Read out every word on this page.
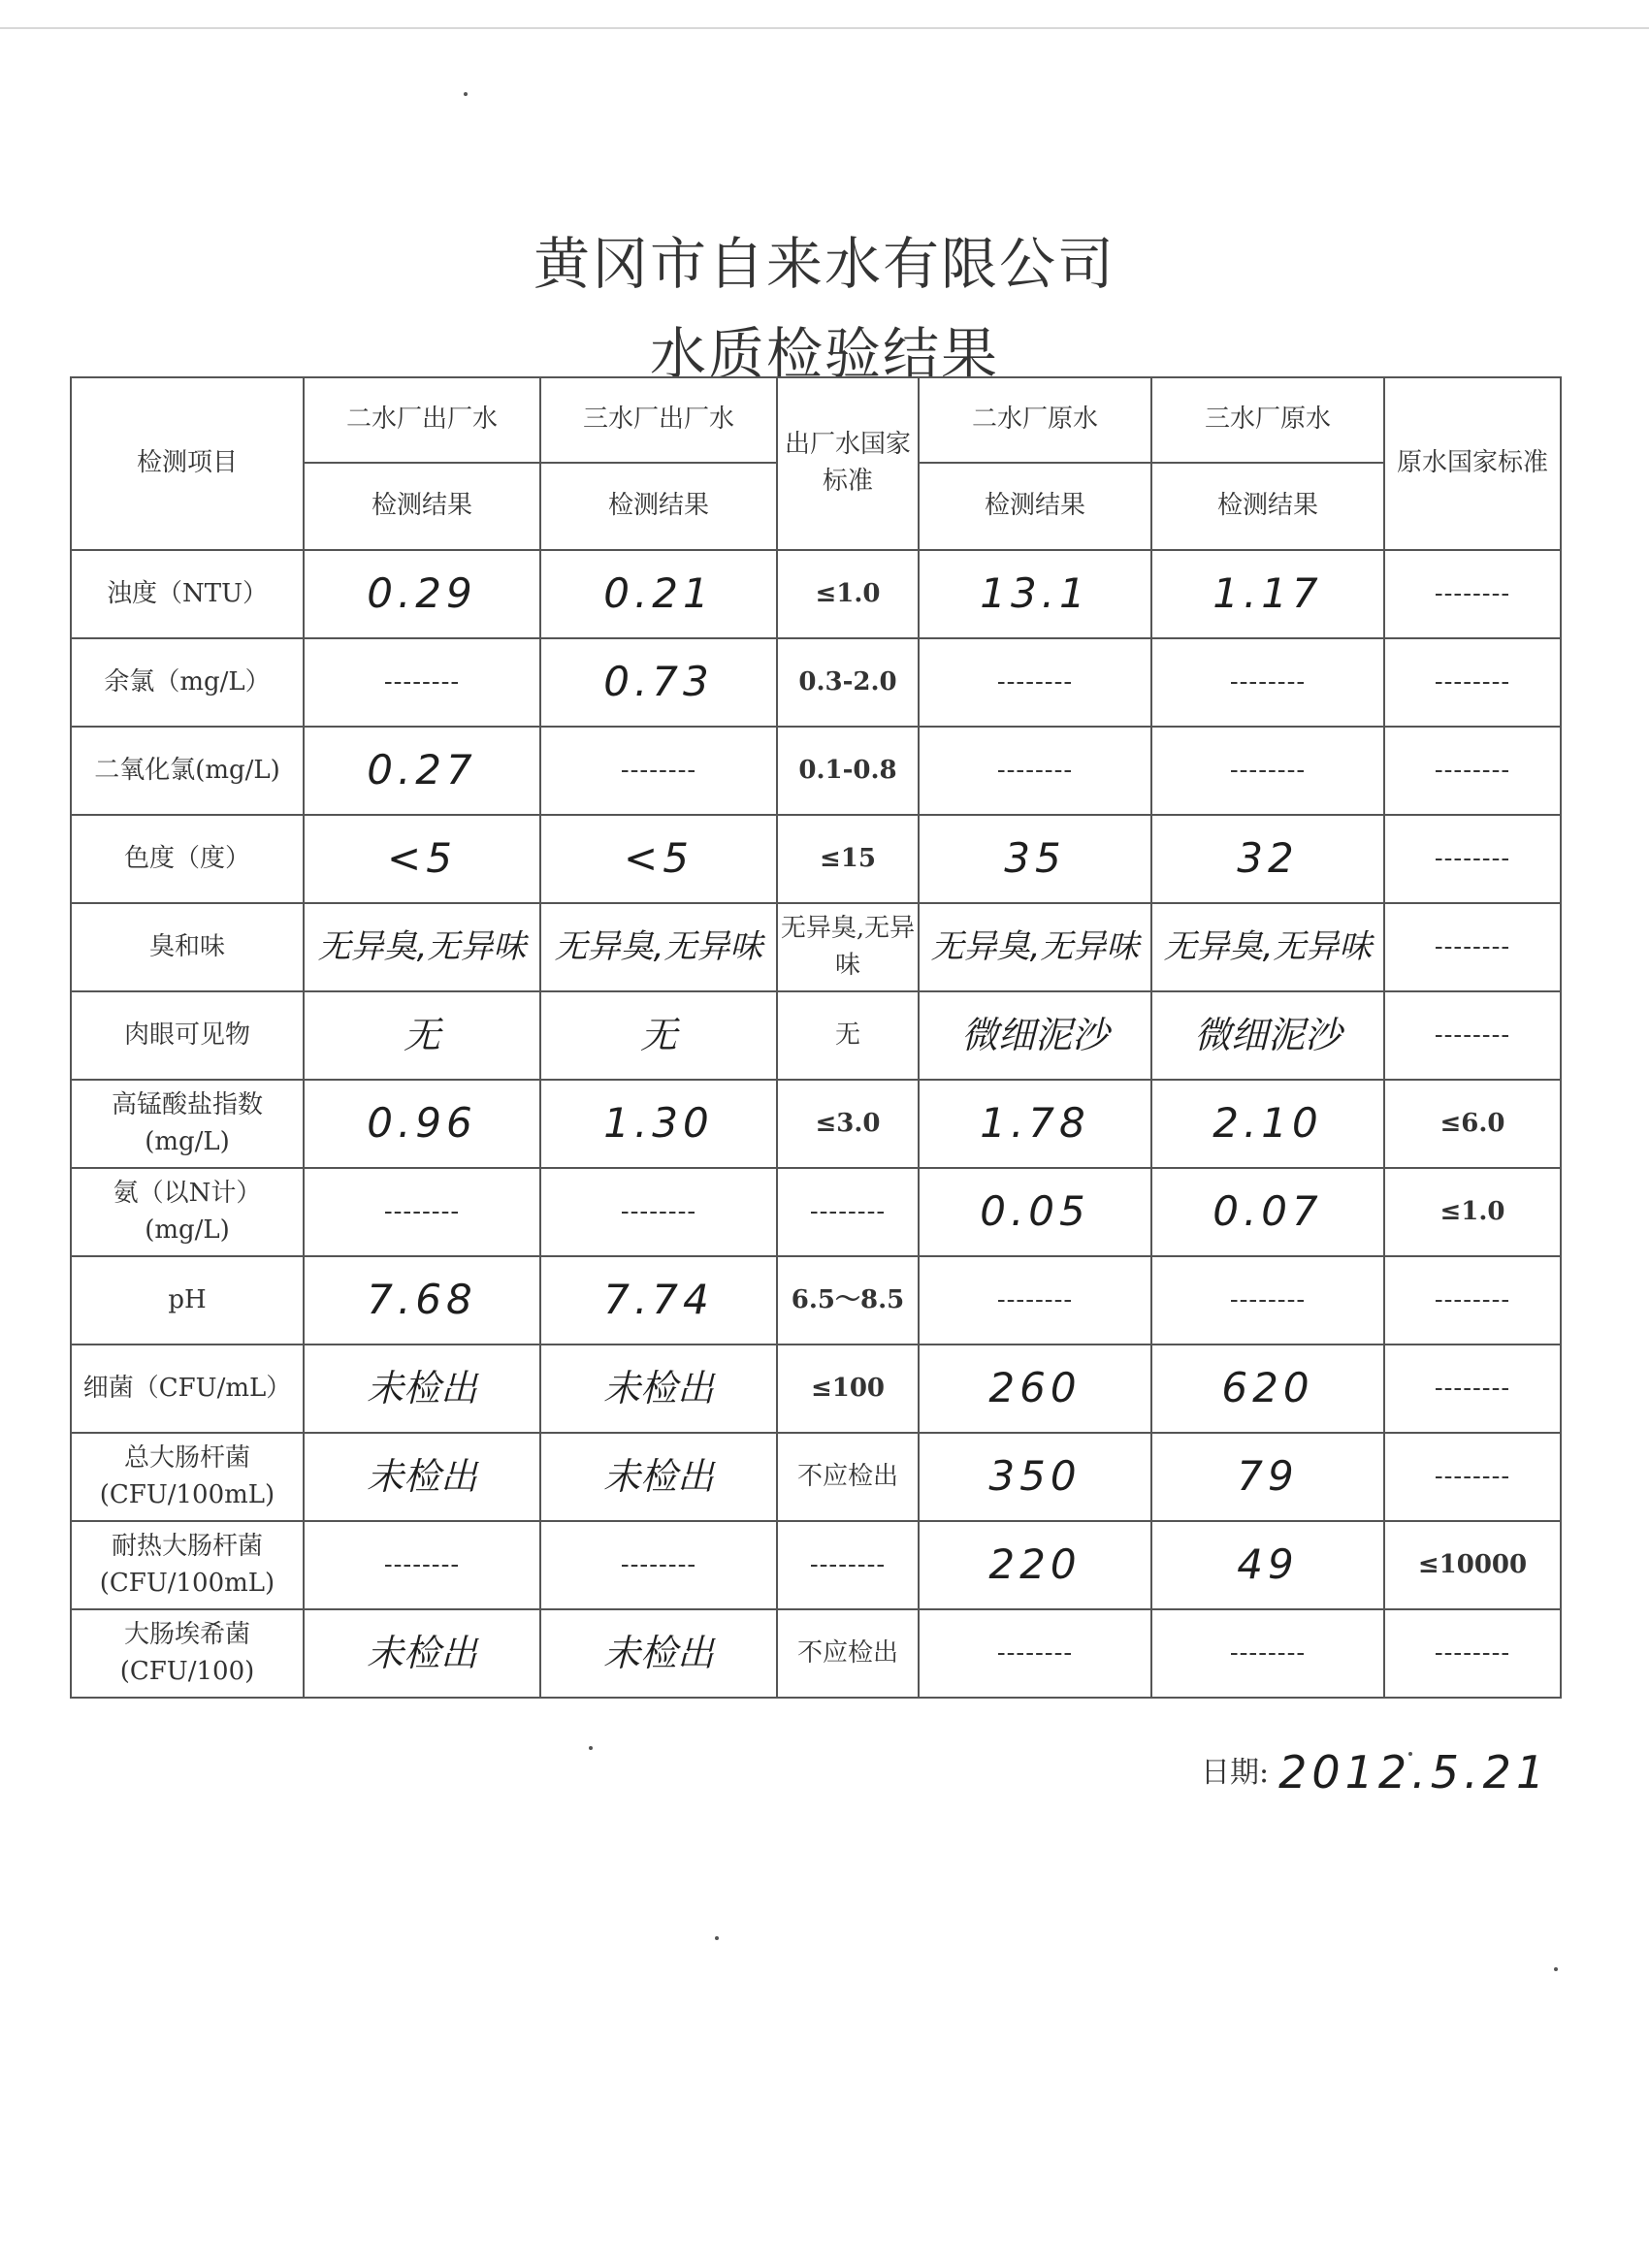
黄冈市自来水有限公司
水质检验结果
检测项目	二水厂出厂水	三水厂出厂水	出厂水国家标准	二水厂原水	三水厂原水	原水国家标准
	检测结果	检测结果		检测结果	检测结果	
浊度（NTU）	0.29	0.21	≤1.0	13.1	1.17	--------
余氯（mg/L）	--------	0.73	0.3-2.0	--------	--------	--------
二氧化氯(mg/L)	0.27	--------	0.1-0.8	--------	--------	--------
色度（度）	<5	<5	≤15	35	32	--------
臭和味	无异臭,无异味	无异臭,无异味	无异臭,无异味	无异臭,无异味	无异臭,无异味	--------
肉眼可见物	无	无	无	微细泥沙	微细泥沙	--------
高锰酸盐指数(mg/L)	0.96	1.30	≤3.0	1.78	2.10	≤6.0
氨（以N计）(mg/L)	--------	--------	--------	0.05	0.07	≤1.0
pH	7.68	7.74	6.5～8.5	--------	--------	--------
细菌（CFU/mL）	未检出	未检出	≤100	260	620	--------
总大肠杆菌(CFU/100mL)	未检出	未检出	不应检出	350	79	--------
耐热大肠杆菌(CFU/100mL)	--------	--------	--------	220	49	≤10000
大肠埃希菌(CFU/100)	未检出	未检出	不应检出	--------	--------	--------
日期: 2012.5.21
